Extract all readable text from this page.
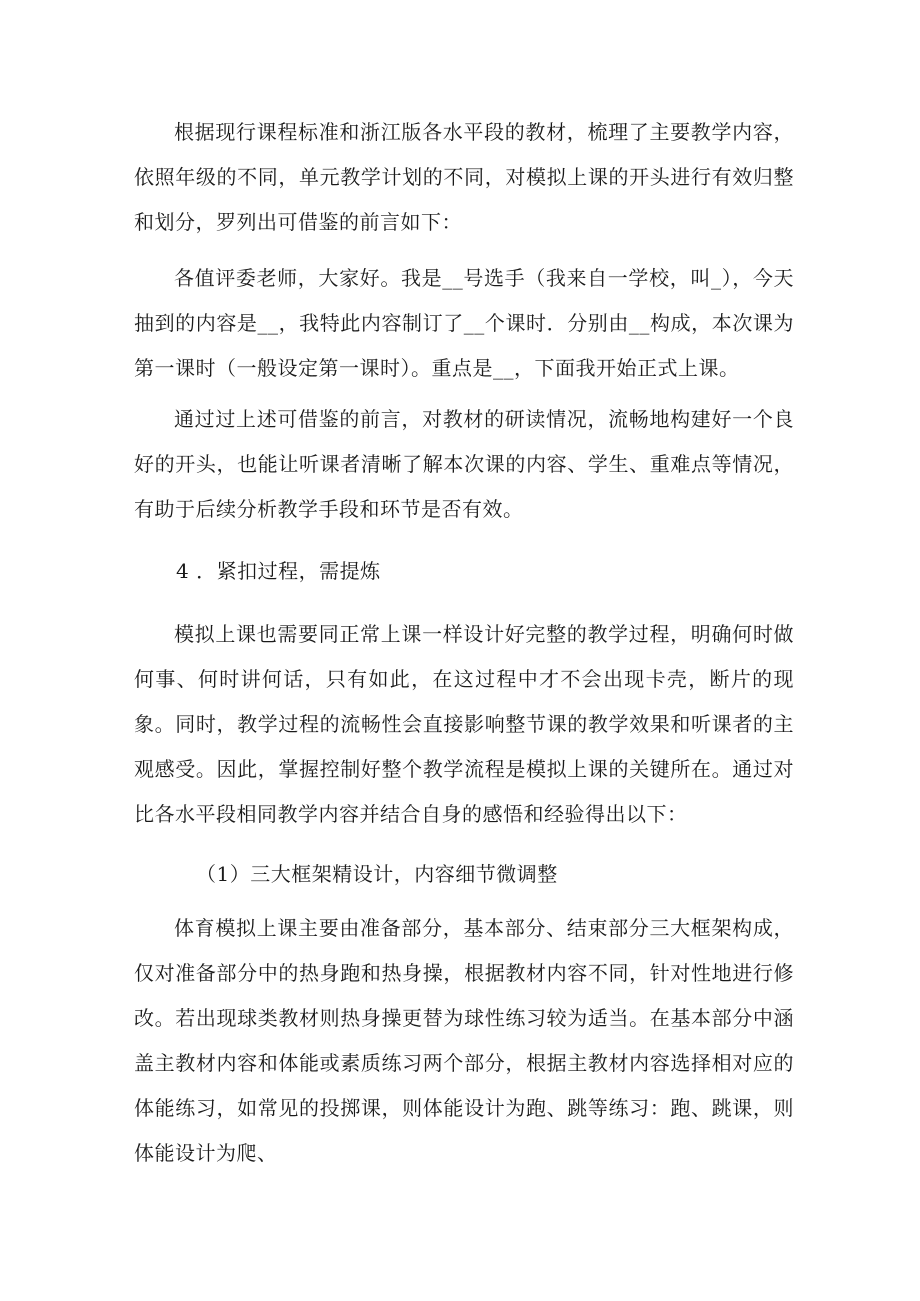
根据现行课程标准和浙江版各水平段的教材，梳理了主要教学内容，依照年级的不同，单元教学计划的不同，对模拟上课的开头进行有效归整和划分，罗列出可借鉴的前言如下：

各值评委老师，大家好。我是__号选手（我来自一学校，叫_），今天抽到的内容是__，我特此内容制订了__个课时．分别由__构成，本次课为第一课时（一般设定第一课时）。重点是__，下面我开始正式上课。

通过过上述可借鉴的前言，对教材的研读情况，流畅地构建好一个良好的开头，也能让听课者清晰了解本次课的内容、学生、重难点等情况，有助于后续分析教学手段和环节是否有效。

4 ．紧扣过程，需提炼

模拟上课也需要同正常上课一样设计好完整的教学过程，明确何时做何事、何时讲何话，只有如此，在这过程中才不会出现卡壳，断片的现象。同时，教学过程的流畅性会直接影响整节课的教学效果和听课者的主观感受。因此，掌握控制好整个教学流程是模拟上课的关键所在。通过对比各水平段相同教学内容并结合自身的感悟和经验得出以下：

（1）三大框架精设计，内容细节微调整

体育模拟上课主要由准备部分，基本部分、结束部分三大框架构成，仅对准备部分中的热身跑和热身操，根据教材内容不同，针对性地进行修改。若出现球类教材则热身操更替为球性练习较为适当。在基本部分中涵盖主教材内容和体能或素质练习两个部分，根据主教材内容选择相对应的体能练习，如常见的投掷课，则体能设计为跑、跳等练习：跑、跳课，则体能设计为爬、
